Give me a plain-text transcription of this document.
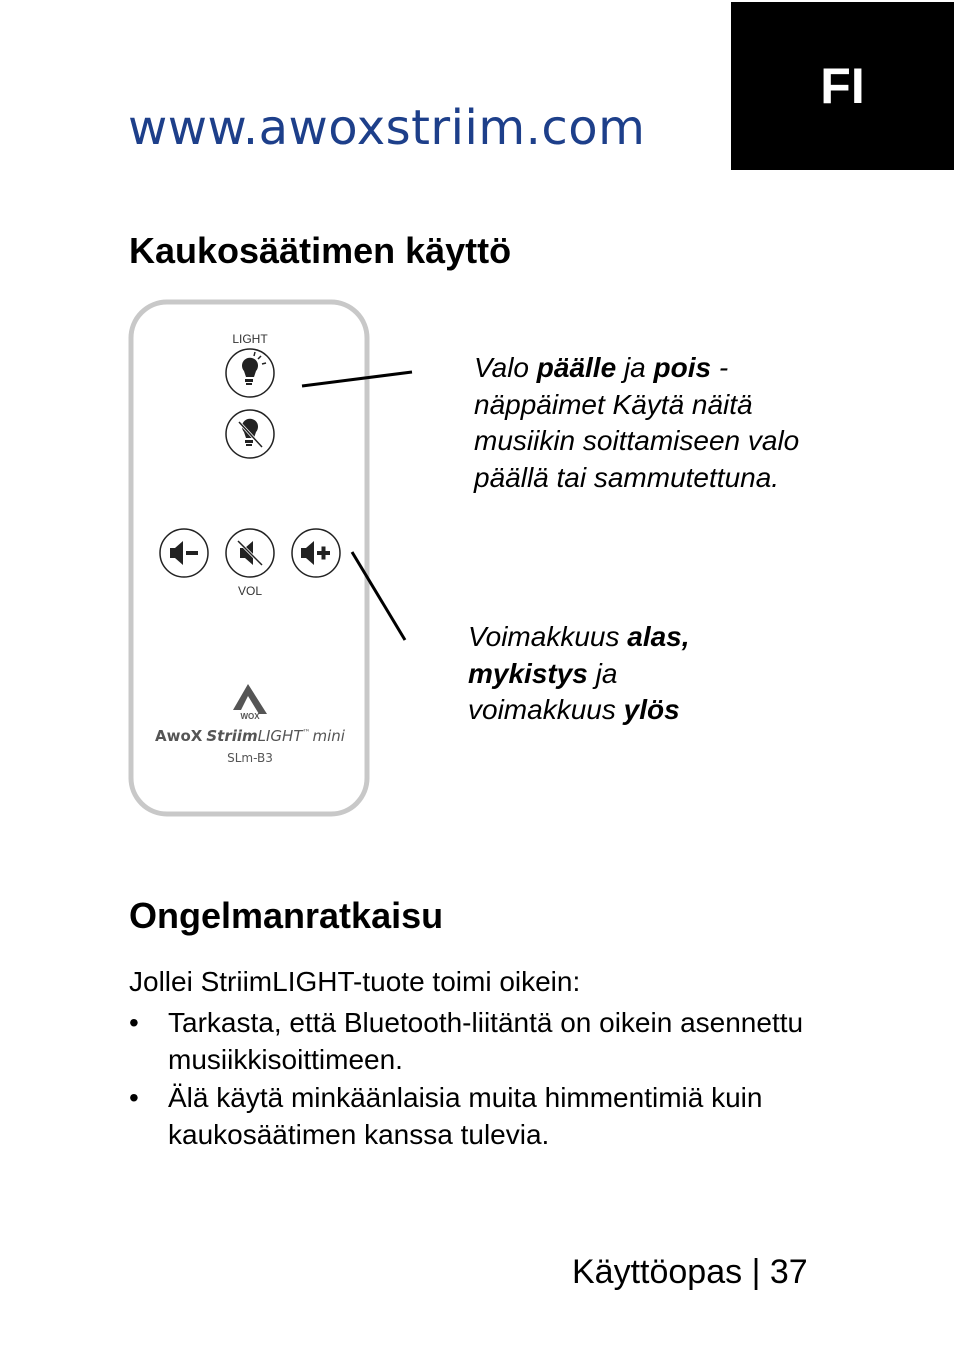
FI
www.awoxstriim.com
Kaukosäätimen käyttö
LIGHT
VOL
WOX
AwoX StriimLIGHT™ mini
SLm-B3
Valo päälle ja pois -
näppäimet Käytä näitä musiikin soittamiseen valo päällä tai sammutettuna.
Voimakkuus alas,
mykistys ja
voimakkuus ylös
Ongelmanratkaisu
Jollei StriimLIGHT-tuote toimi oikein:
• Tarkasta, että Bluetooth-liitäntä on oikein asennettu musiikkisoittimeen.
• Älä käytä minkäänlaisia muita himmentimiä kuin kaukosäätimen kanssa tulevia.
Käyttöopas | 37
